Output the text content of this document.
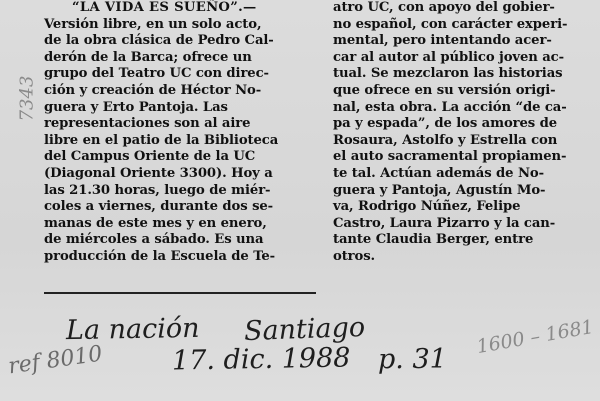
“LA VIDA ES SUEÑO”.—

Versión libre, en un solo acto,

de la obra clásica de Pedro Cal-

derón de la Barca; ofrece un

grupo del Teatro UC con direc-

ción y creación de Héctor No-

guera y Erto Pantoja. Las

representaciones son al aire

libre en el patio de la Biblioteca

del Campus Oriente de la UC

(Diagonal Oriente 3300). Hoy a

las 21.30 horas, luego de miér-

coles a viernes, durante dos se-

manas de este mes y en enero,

de miércoles a sábado. Es una

producción de la Escuela de Te-

atro UC, con apoyo del gobier-

no español, con carácter experi-

mental, pero intentando acer-

car al autor al público joven ac-

tual. Se mezclaron las historias

que ofrece en su versión origi-

nal, esta obra. La acción “de ca-

pa y espada”, de los amores de

Rosaura, Astolfo y Estrella con

el auto sacramental propiamen-

te tal. Actúan además de No-

guera y Pantoja, Agustín Mo-

va, Rodrigo Núñez, Felipe

Castro, Laura Pizarro y la can-

tante Claudia Berger, entre

otros.

La nación Santiago
17. dic. 1988 p. 31
ref 8010
7343
1600 – 1681
